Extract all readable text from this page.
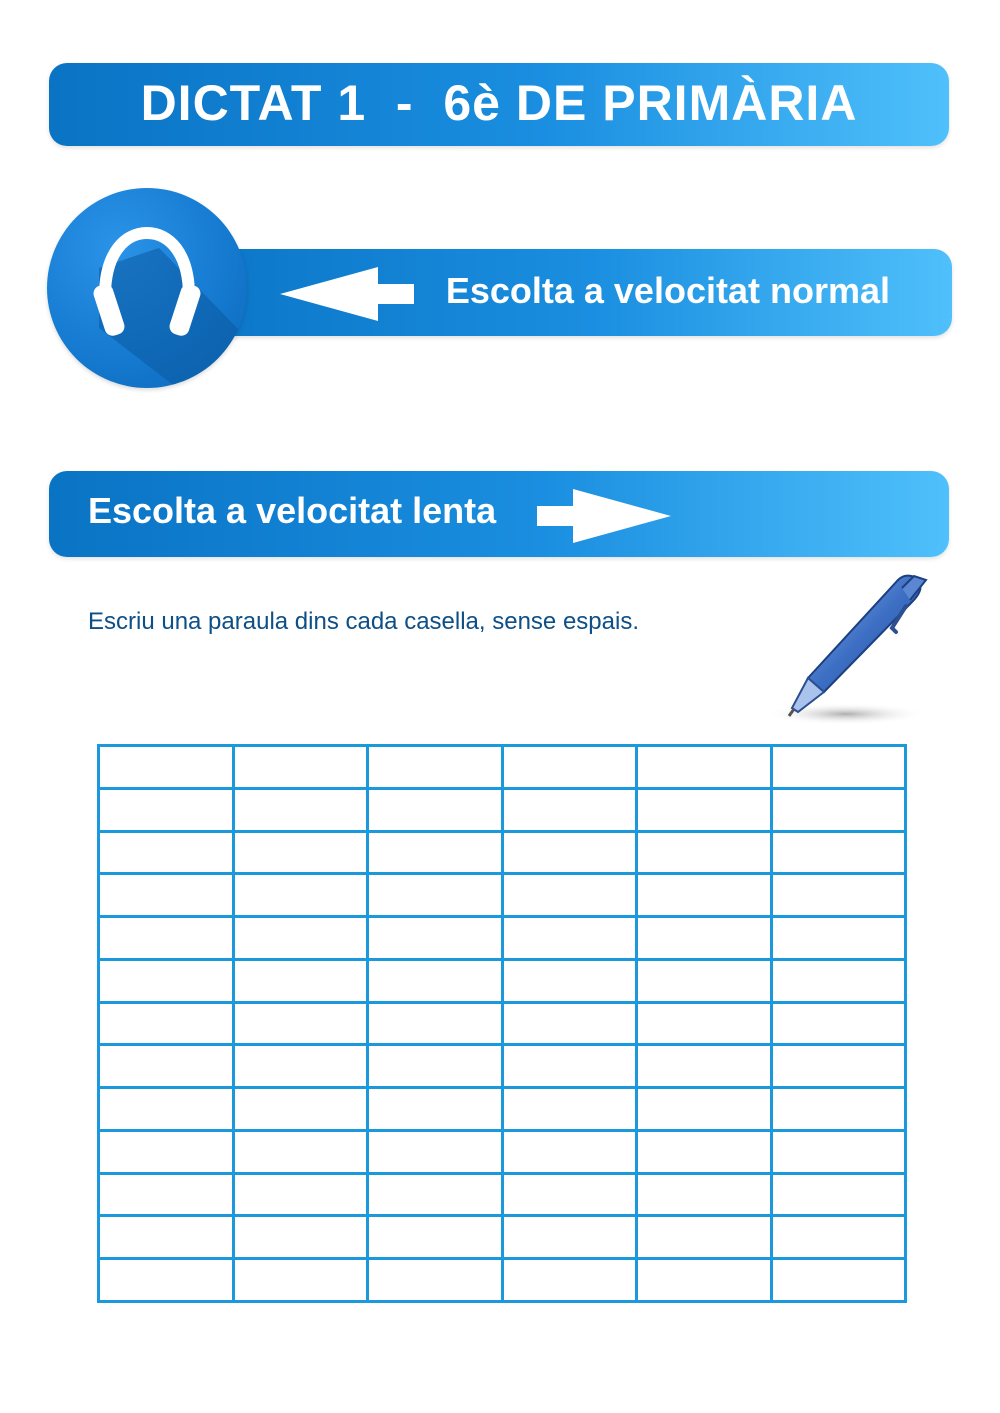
DICTAT 1  -  6è DE PRIMÀRIA
Escolta a velocitat normal
Escolta a velocitat lenta
Escriu una paraula dins cada casella, sense espais.
